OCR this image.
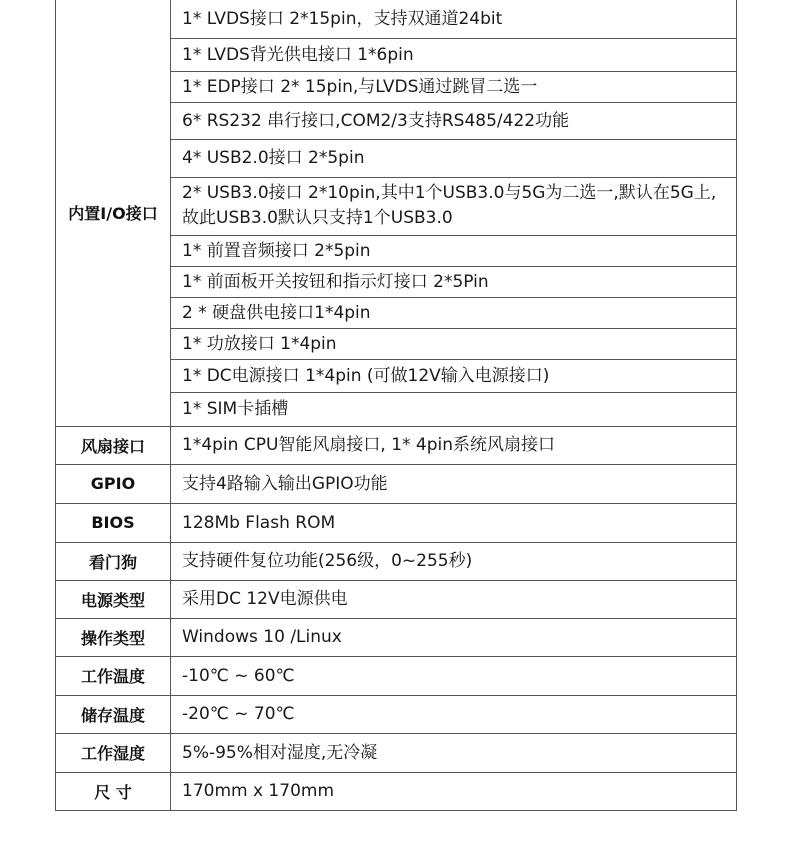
内置I/O接口	1* LVDS接口 2*15pin，支持双通道24bit
	1* LVDS背光供电接口 1*6pin
	1* EDP接口 2* 15pin,与LVDS通过跳冒二选一
	6* RS232 串行接口,COM2/3支持RS485/422功能
	4* USB2.0接口 2*5pin
	2* USB3.0接口 2*10pin,其中1个USB3.0与5G为二选一,默认在5G上,故此USB3.0默认只支持1个USB3.0
	1* 前置音频接口 2*5pin
	1* 前面板开关按钮和指示灯接口 2*5Pin
	2 * 硬盘供电接口1*4pin
	1* 功放接口 1*4pin
	1* DC电源接口 1*4pin (可做12V输入电源接口)
	1* SIM卡插槽
风扇接口	1*4pin CPU智能风扇接口, 1* 4pin系统风扇接口
GPIO	支持4路输入输出GPIO功能
BIOS	128Mb Flash ROM
看门狗	支持硬件复位功能(256级，0~255秒)
电源类型	采用DC 12V电源供电
操作类型	Windows 10 /Linux
工作温度	-10℃ ~ 60℃
储存温度	-20℃ ~ 70℃
工作湿度	5%-95%相对湿度,无冷凝
尺 寸	170mm x 170mm
